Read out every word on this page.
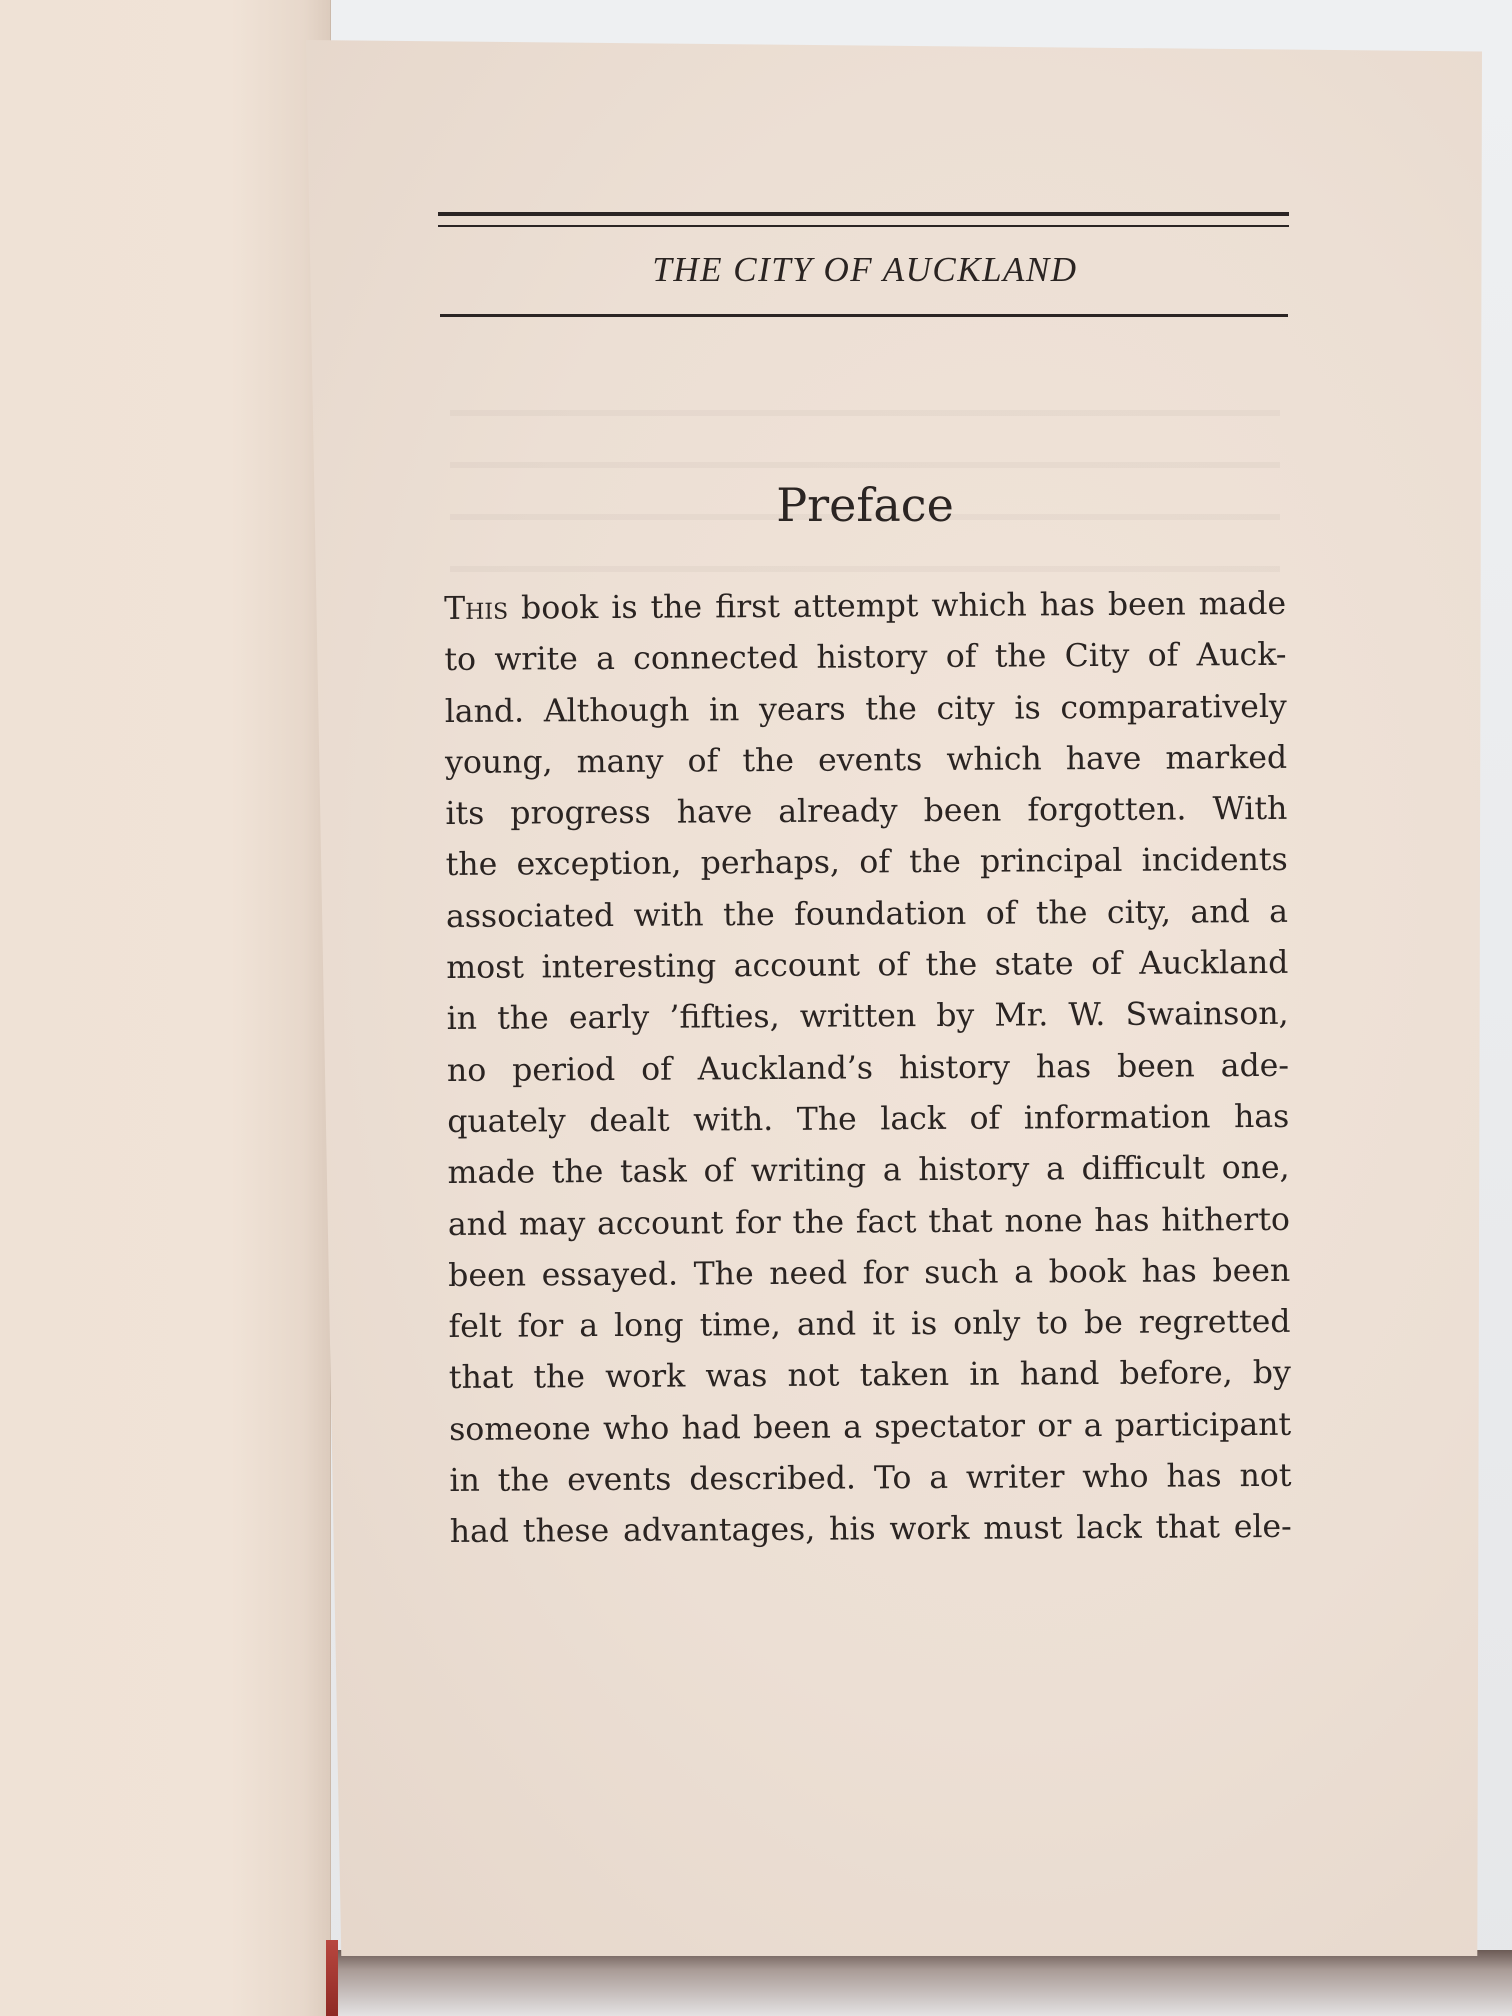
THE CITY OF AUCKLAND
Preface
This book is the first attempt which has been made
to write a connected history of the City of Auck-
land. Although in years the city is comparatively
young, many of the events which have marked
its progress have already been forgotten. With
the exception, perhaps, of the principal incidents
associated with the foundation of the city, and a
most interesting account of the state of Auckland
in the early ’fifties, written by Mr. W. Swainson,
no period of Auckland’s history has been ade-
quately dealt with. The lack of information has
made the task of writing a history a difficult one,
and may account for the fact that none has hitherto
been essayed. The need for such a book has been
felt for a long time, and it is only to be regretted
that the work was not taken in hand before, by
someone who had been a spectator or a participant
in the events described. To a writer who has not
had these advantages, his work must lack that ele-
